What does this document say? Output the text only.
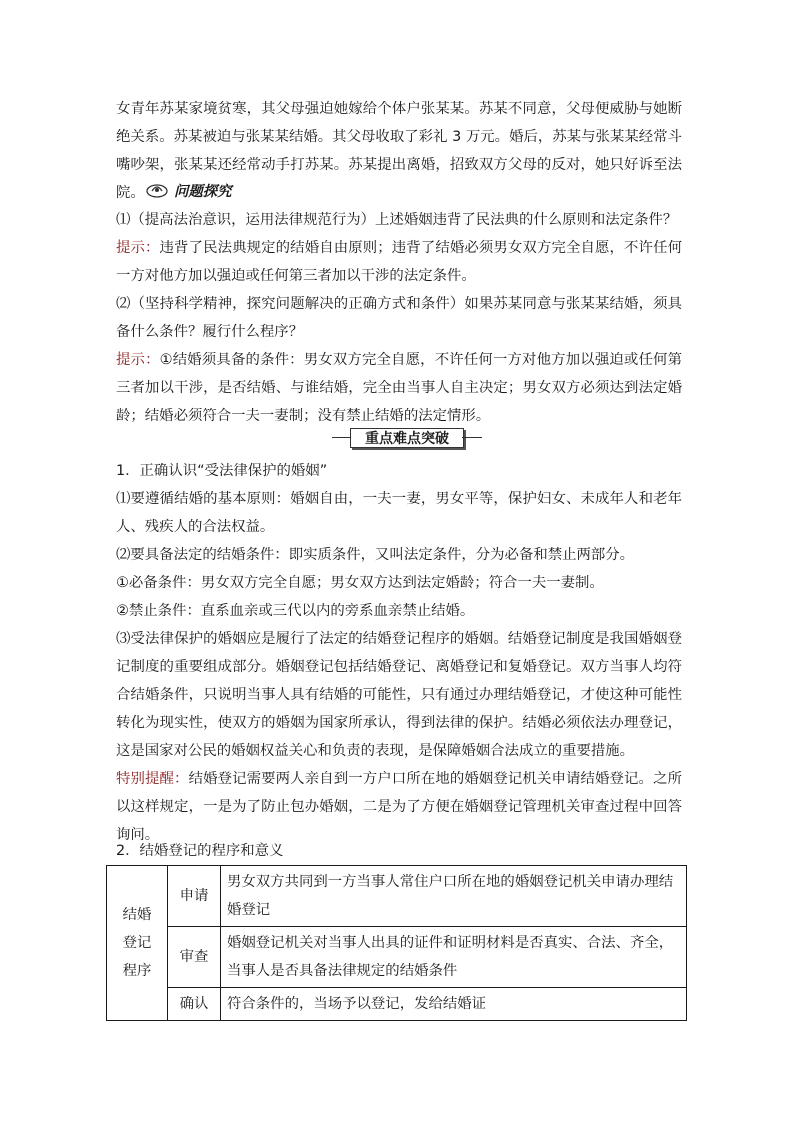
女青年苏某家境贫寒，其父母强迫她嫁给个体户张某某。苏某不同意，父母便威胁与她断绝关系。苏某被迫与张某某结婚。其父母收取了彩礼 3 万元。婚后，苏某与张某某经常斗嘴吵架，张某某还经常动手打苏某。苏某提出离婚，招致双方父母的反对，她只好诉至法院。	问题探究

⑴（提高法治意识，运用法律规范行为）上述婚姻违背了民法典的什么原则和法定条件？

提示：违背了民法典规定的结婚自由原则；违背了结婚必须男女双方完全自愿，不许任何一方对他方加以强迫或任何第三者加以干涉的法定条件。

⑵（坚持科学精神，探究问题解决的正确方式和条件）如果苏某同意与张某某结婚，须具备什么条件？履行什么程序？

提示：①结婚须具备的条件：男女双方完全自愿，不许任何一方对他方加以强迫或任何第三者加以干涉，是否结婚、与谁结婚，完全由当事人自主决定；男女双方必须达到法定婚龄；结婚必须符合一夫一妻制；没有禁止结婚的法定情形。

重点难点突破

1．正确认识“受法律保护的婚姻”

⑴要遵循结婚的基本原则：婚姻自由，一夫一妻，男女平等，保护妇女、未成年人和老年人、残疾人的合法权益。

⑵要具备法定的结婚条件：即实质条件，又叫法定条件，分为必备和禁止两部分。

①必备条件：男女双方完全自愿；男女双方达到法定婚龄；符合一夫一妻制。

②禁止条件：直系血亲或三代以内的旁系血亲禁止结婚。

⑶受法律保护的婚姻应是履行了法定的结婚登记程序的婚姻。结婚登记制度是我国婚姻登记制度的重要组成部分。婚姻登记包括结婚登记、离婚登记和复婚登记。双方当事人均符合结婚条件，只说明当事人具有结婚的可能性，只有通过办理结婚登记，才使这种可能性转化为现实性，使双方的婚姻为国家所承认，得到法律的保护。结婚必须依法办理登记，这是国家对公民的婚姻权益关心和负责的表现，是保障婚姻合法成立的重要措施。

特别提醒：结婚登记需要两人亲自到一方户口所在地的婚姻登记机关申请结婚登记。之所以这样规定，一是为了防止包办婚姻，二是为了方便在婚姻登记管理机关审查过程中回答询问。

2．结婚登记的程序和意义

结婚
登记
程序	申请	男女双方共同到一方当事人常住户口所在地的婚姻登记机关申请办理结婚登记
	审查	婚姻登记机关对当事人出具的证件和证明材料是否真实、合法、齐全，当事人是否具备法律规定的结婚条件
	确认	符合条件的，当场予以登记，发给结婚证
